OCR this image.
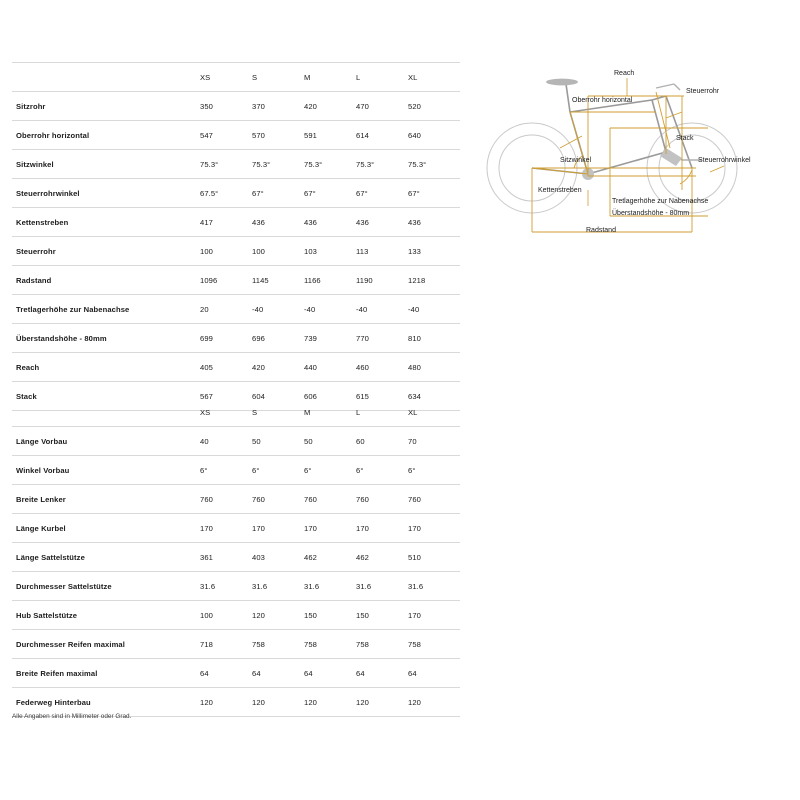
	XS	S	M	L	XL
Sitzrohr	350	370	420	470	520
Oberrohr horizontal	547	570	591	614	640
Sitzwinkel	75.3°	75.3°	75.3°	75.3°	75.3°
Steuerrohrwinkel	67.5°	67°	67°	67°	67°
Kettenstreben	417	436	436	436	436
Steuerrohr	100	100	103	113	133
Radstand	1096	1145	1166	1190	1218
Tretlagerhöhe zur Nabenachse	20	-40	-40	-40	-40
Überstandshöhe - 80mm	699	696	739	770	810
Reach	405	420	440	460	480
Stack	567	604	606	615	634
	XS	S	M	L	XL
Länge Vorbau	40	50	50	60	70
Winkel Vorbau	6°	6°	6°	6°	6°
Breite Lenker	760	760	760	760	760
Länge Kurbel	170	170	170	170	170
Länge Sattelstütze	361	403	462	462	510
Durchmesser Sattelstütze	31.6	31.6	31.6	31.6	31.6
Hub Sattelstütze	100	120	150	150	170
Durchmesser Reifen maximal	718	758	758	758	758
Breite Reifen maximal	64	64	64	64	64
Federweg Hinterbau	120	120	120	120	120
Alle Angaben sind in Millimeter oder Grad.
Reach
Oberrohr horizontal
Steuerrohr
Stack
Sitzwinkel	Steuerrohrwinkel
Kettenstreben
Tretlagerhöhe zur Nabenachse
Überstandshöhe - 80mm
Radstand
